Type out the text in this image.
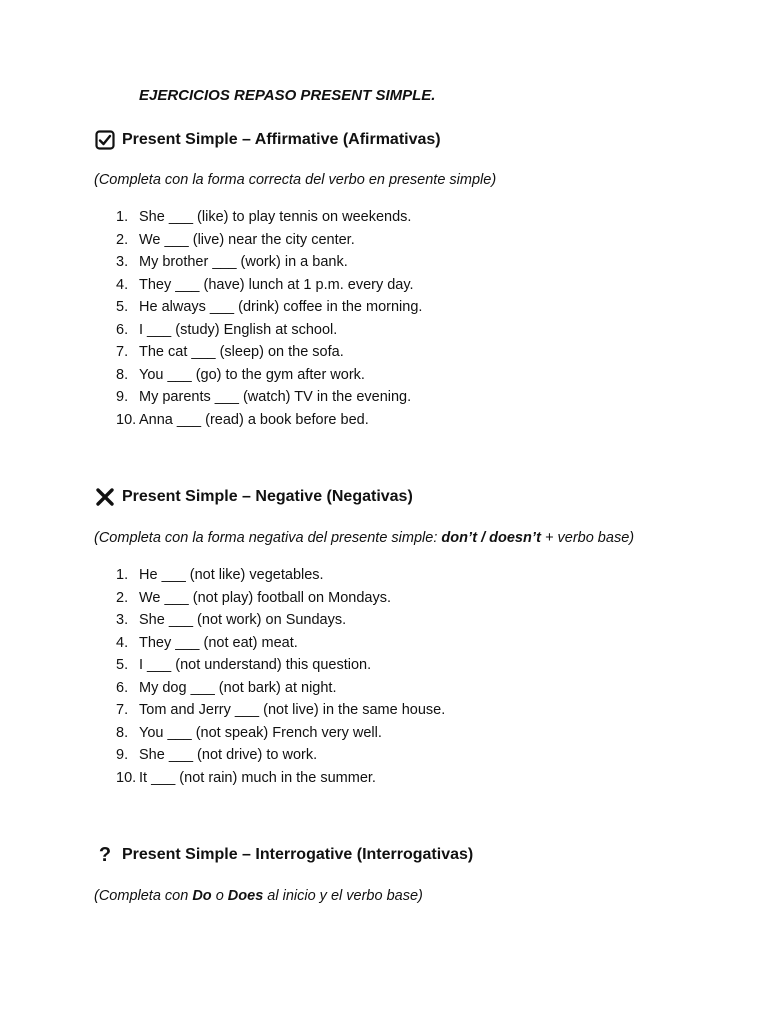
EJERCICIOS REPASO PRESENT SIMPLE.
Present Simple – Affirmative (Afirmativas)

(Completa con la forma correcta del verbo en presente simple)

1. She ___ (like) to play tennis on weekends.
2. We ___ (live) near the city center.
3. My brother ___ (work) in a bank.
4. They ___ (have) lunch at 1 p.m. every day.
5. He always ___ (drink) coffee in the morning.
6. I ___ (study) English at school.
7. The cat ___ (sleep) on the sofa.
8. You ___ (go) to the gym after work.
9. My parents ___ (watch) TV in the evening.
10. Anna ___ (read) a book before bed.
Present Simple – Negative (Negativas)

(Completa con la forma negativa del presente simple: don’t / doesn’t + verbo base)

1. He ___ (not like) vegetables.
2. We ___ (not play) football on Mondays.
3. She ___ (not work) on Sundays.
4. They ___ (not eat) meat.
5. I ___ (not understand) this question.
6. My dog ___ (not bark) at night.
7. Tom and Jerry ___ (not live) in the same house.
8. You ___ (not speak) French very well.
9. She ___ (not drive) to work.
10. It ___ (not rain) much in the summer.
? Present Simple – Interrogative (Interrogativas)

(Completa con Do o Does al inicio y el verbo base)
